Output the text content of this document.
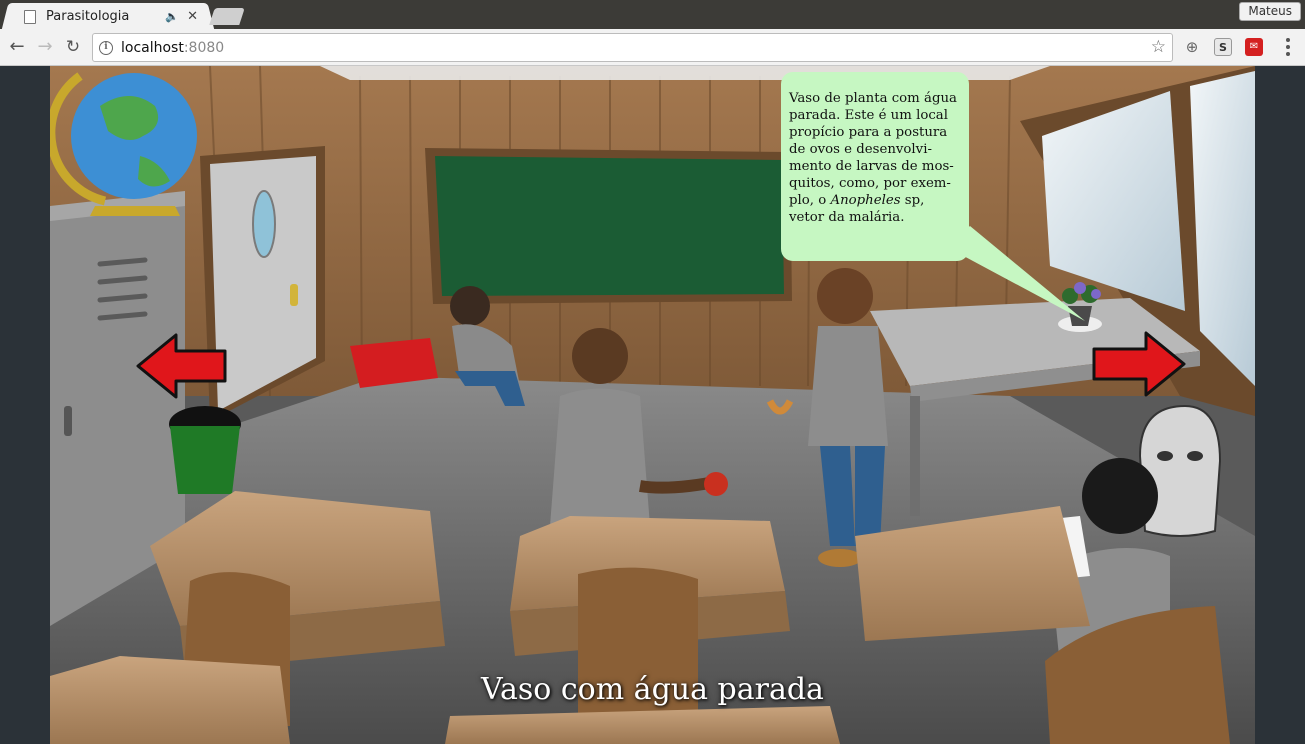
Parasitologia	🔈 ✕	Mateus
← → ↻	i localhost :8080	☆ ⊕	S	✉
Vaso de planta com água
parada. Este é um local
propício para a postura
de ovos e desenvolvi-
mento de larvas de mos-
quitos, como, por exem-
plo, o Anopheles sp,
vetor da malária.
Vaso com água parada
